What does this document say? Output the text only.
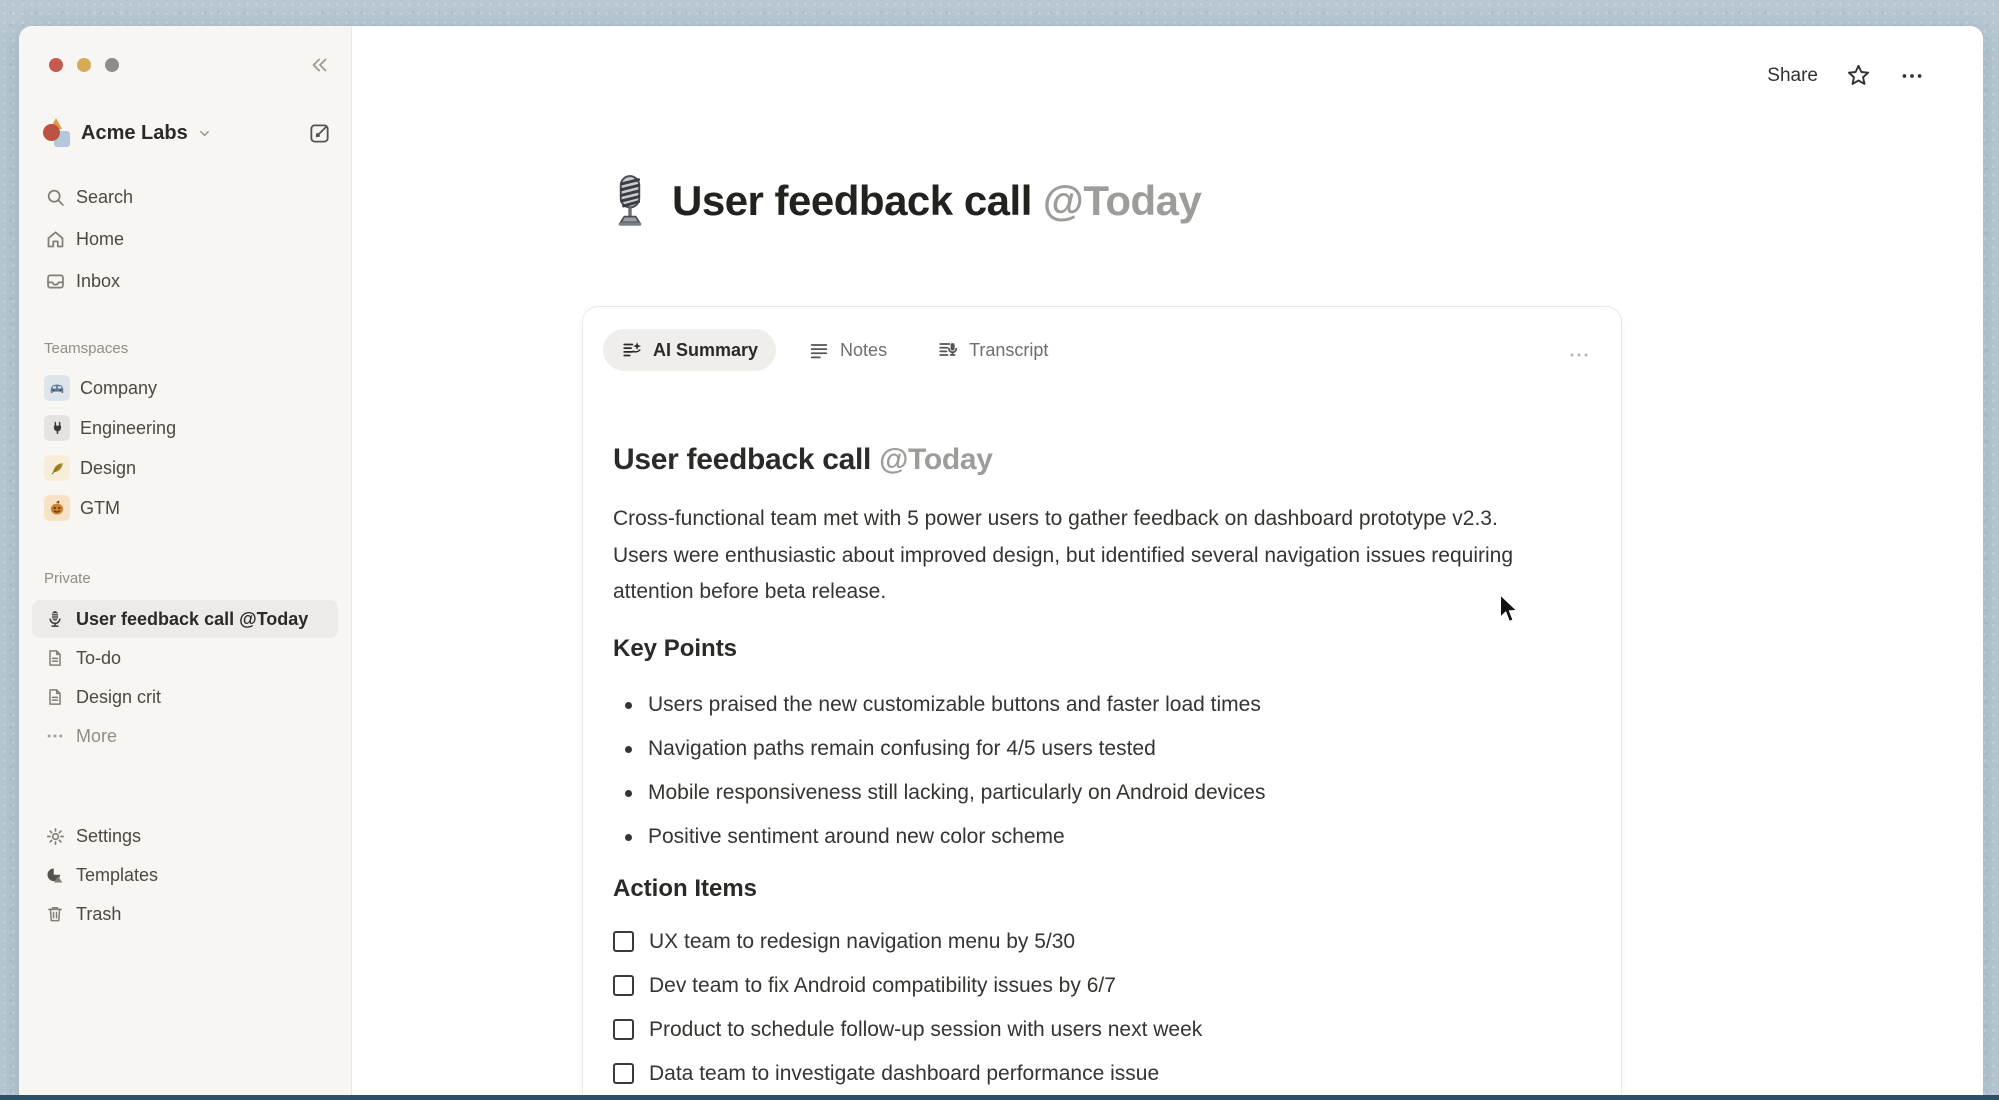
Acme Labs
Search
Home
Inbox
Teamspaces
Company
Engineering
Design
GTM
Private
User feedback call @Today
To-do
Design crit
More
Settings
Templates
Trash
Share
User feedback call @Today
AI Summary	Notes	Transcript
User feedback call @Today

Cross-functional team met with 5 power users to gather feedback on dashboard prototype v2.3. Users were enthusiastic about improved design, but identified several navigation issues requiring attention before beta release.

Key Points
Users praised the new customizable buttons and faster load times
Navigation paths remain confusing for 4/5 users tested
Mobile responsiveness still lacking, particularly on Android devices
Positive sentiment around new color scheme
Action Items
UX team to redesign navigation menu by 5/30
Dev team to fix Android compatibility issues by 6/7
Product to schedule follow-up session with users next week
Data team to investigate dashboard performance issue
